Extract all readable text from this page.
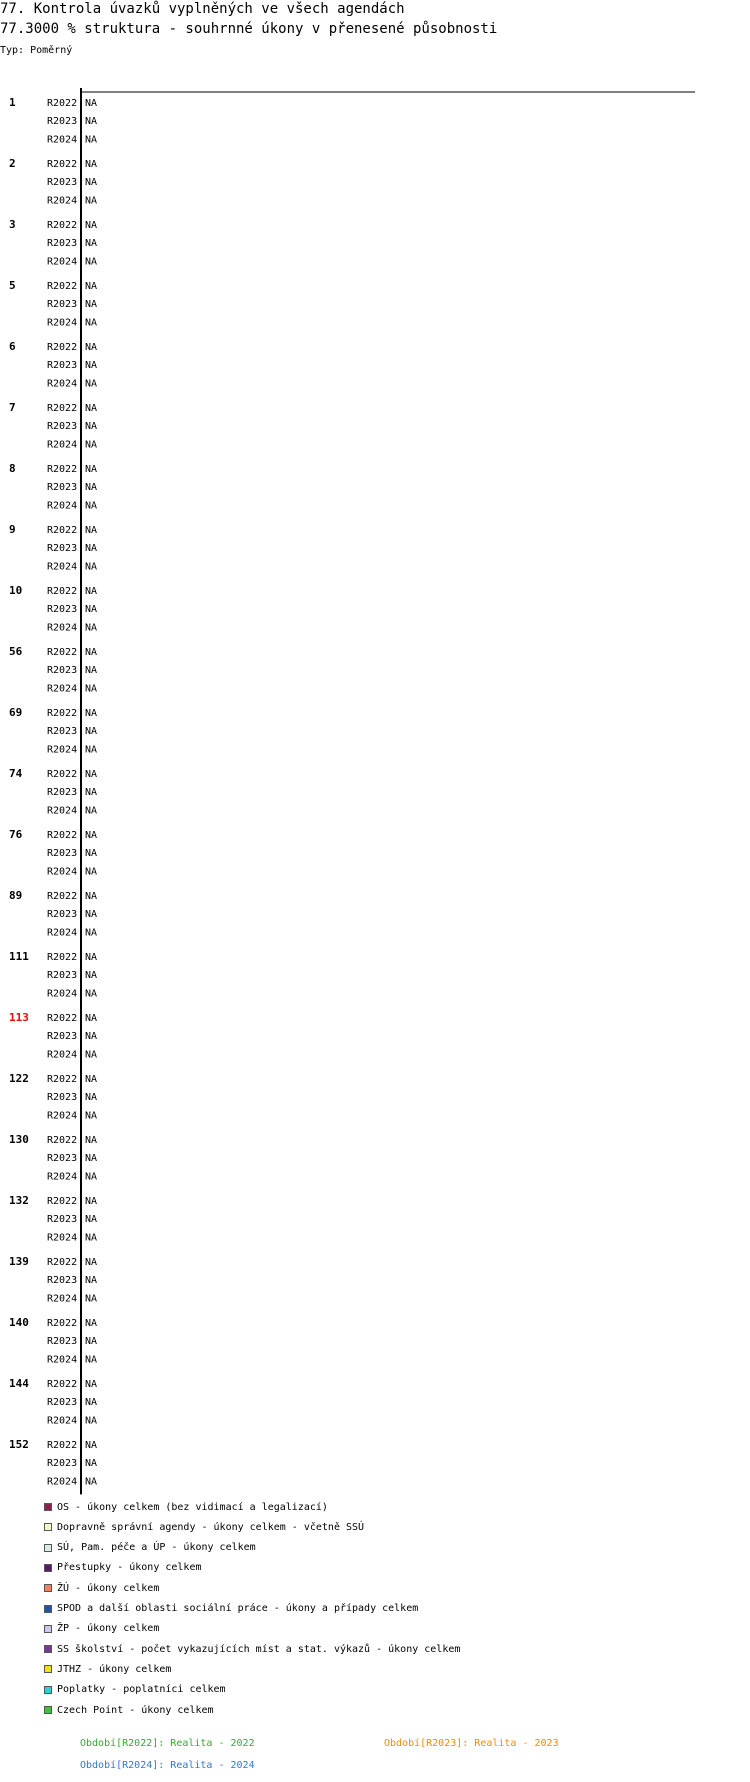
77. Kontrola úvazků vyplněných ve všech agendách
77.3000 % struktura - souhrnné úkony v přenesené působnosti
Typ: Poměrný
1	R2022 NA
R2023 NA
R2024 NA
2	R2022 NA
R2023 NA
R2024 NA
3	R2022 NA
R2023 NA
R2024 NA
5	R2022 NA
R2023 NA
R2024 NA
6	R2022 NA
R2023 NA
R2024 NA
7	R2022 NA
R2023 NA
R2024 NA
8	R2022 NA
R2023 NA
R2024 NA
9	R2022 NA
R2023 NA
R2024 NA
10 R2022 NA
R2023 NA
R2024 NA
56 R2022 NA
R2023 NA
R2024 NA
69 R2022 NA
R2023 NA
R2024 NA
74 R2022 NA
R2023 NA
R2024 NA
76 R2022 NA
R2023 NA
R2024 NA
89 R2022 NA
R2023 NA
R2024 NA
111 R2022 NA
R2023 NA
R2024 NA
113 R2022 NA
R2023 NA
R2024 NA
122 R2022 NA
R2023 NA
R2024 NA
130 R2022 NA
R2023 NA
R2024 NA
132 R2022 NA
R2023 NA
R2024 NA
139 R2022 NA
R2023 NA
R2024 NA
140 R2022 NA
R2023 NA
R2024 NA
144 R2022 NA
R2023 NA
R2024 NA
152 R2022 NA
R2023 NA
R2024 NA
OS - úkony celkem (bez vidimací a legalizací)
Dopravně správní agendy - úkony celkem - včetně SSÚ
SÚ, Pam. péče a ÚP - úkony celkem
Přestupky - úkony celkem
ŽÚ - úkony celkem
SPOD a další oblasti sociální práce - úkony a případy celkem
ŽP - úkony celkem
SS školství - počet vykazujících míst a stat. výkazů - úkony celkem
JTHZ - úkony celkem
Poplatky - poplatníci celkem
Czech Point - úkony celkem
Období[R2022]: Realita - 2022	Období[R2023]: Realita - 2023
Období[R2024]: Realita - 2024
